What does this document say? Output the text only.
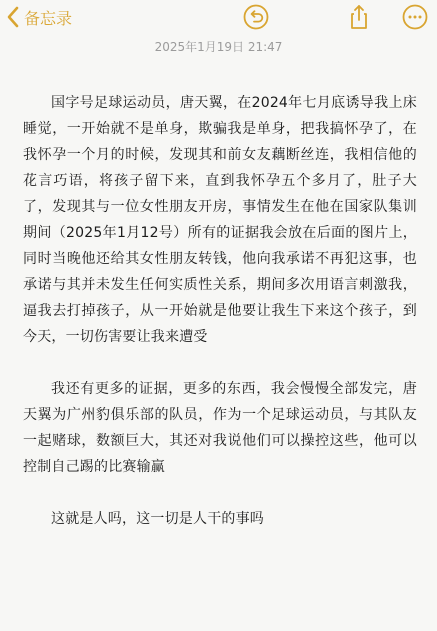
备忘录
2025年1月19日 21:47

国字号足球运动员，唐天翼，在2024年七月底诱导我上床睡觉，一开始就不是单身，欺骗我是单身，把我搞怀孕了，在我怀孕一个月的时候，发现其和前女友藕断丝连，我相信他的花言巧语，将孩子留下来，直到我怀孕五个多月了，肚子大了，发现其与一位女性朋友开房，事情发生在他在国家队集训期间（2025年1月12号）所有的证据我会放在后面的图片上，同时当晚他还给其女性朋友转钱，他向我承诺不再犯这事，也承诺与其并未发生任何实质性关系，期间多次用语言刺激我，逼我去打掉孩子，从一开始就是他要让我生下来这个孩子，到今天，一切伤害要让我来遭受

我还有更多的证据，更多的东西，我会慢慢全部发完，唐天翼为广州豹俱乐部的队员，作为一个足球运动员，与其队友一起赌球，数额巨大，其还对我说他们可以操控这些，他可以控制自己踢的比赛输赢

这就是人吗，这一切是人干的事吗
